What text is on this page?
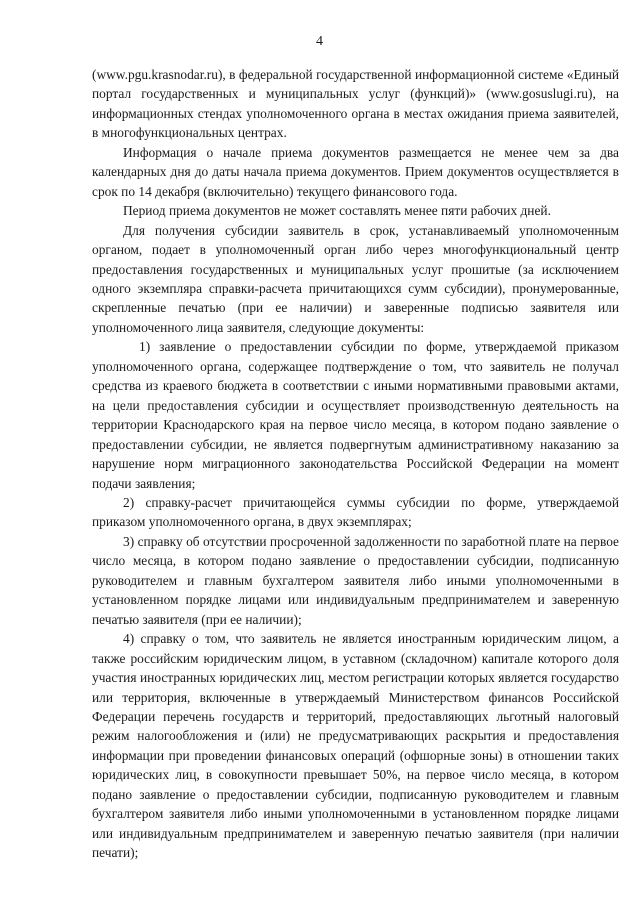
4

(www.pgu.krasnodar.ru), в федеральной государственной информационной системе «Единый портал государственных и муниципальных услуг (функций)» (www.gosuslugi.ru), на информационных стендах уполномоченного органа в местах ожидания приема заявителей, в многофункциональных центрах.

Информация о начале приема документов размещается не менее чем за два календарных дня до даты начала приема документов. Прием документов осуществляется в срок по 14 декабря (включительно) текущего финансового года.

Период приема документов не может составлять менее пяти рабочих дней.

Для получения субсидии заявитель в срок, устанавливаемый уполномоченным органом, подает в уполномоченный орган либо через многофункциональный центр предоставления государственных и муниципальных услуг прошитые (за исключением одного экземпляра справки-расчета причитающихся сумм субсидии), пронумерованные, скрепленные печатью (при ее наличии) и заверенные подписью заявителя или уполномоченного лица заявителя, следующие документы:

1) заявление о предоставлении субсидии по форме, утверждаемой приказом уполномоченного органа, содержащее подтверждение о том, что заявитель не получал средства из краевого бюджета в соответствии с иными нормативными правовыми актами, на цели предоставления субсидии и осуществляет производственную деятельность на территории Краснодарского края на первое число месяца, в котором подано заявление о предоставлении субсидии, не является подвергнутым административному наказанию за нарушение норм миграционного законодательства Российской Федерации на момент подачи заявления;

2) справку-расчет причитающейся суммы субсидии по форме, утверждаемой приказом уполномоченного органа, в двух экземплярах;

3) справку об отсутствии просроченной задолженности по заработной плате на первое число месяца, в котором подано заявление о предоставлении субсидии, подписанную руководителем и главным бухгалтером заявителя либо иными уполномоченными в установленном порядке лицами или индивидуальным предпринимателем и заверенную печатью заявителя (при ее наличии);

4) справку о том, что заявитель не является иностранным юридическим лицом, а также российским юридическим лицом, в уставном (складочном) капитале которого доля участия иностранных юридических лиц, местом регистрации которых является государство или территория, включенные в утверждаемый Министерством финансов Российской Федерации перечень государств и территорий, предоставляющих льготный налоговый режим налогообложения и (или) не предусматривающих раскрытия и предоставления информации при проведении финансовых операций (офшорные зоны) в отношении таких юридических лиц, в совокупности превышает 50%, на первое число месяца, в котором подано заявление о предоставлении субсидии, подписанную руководителем и главным бухгалтером заявителя либо иными уполномоченными в установленном порядке лицами или индивидуальным предпринимателем и заверенную печатью заявителя (при наличии печати);
